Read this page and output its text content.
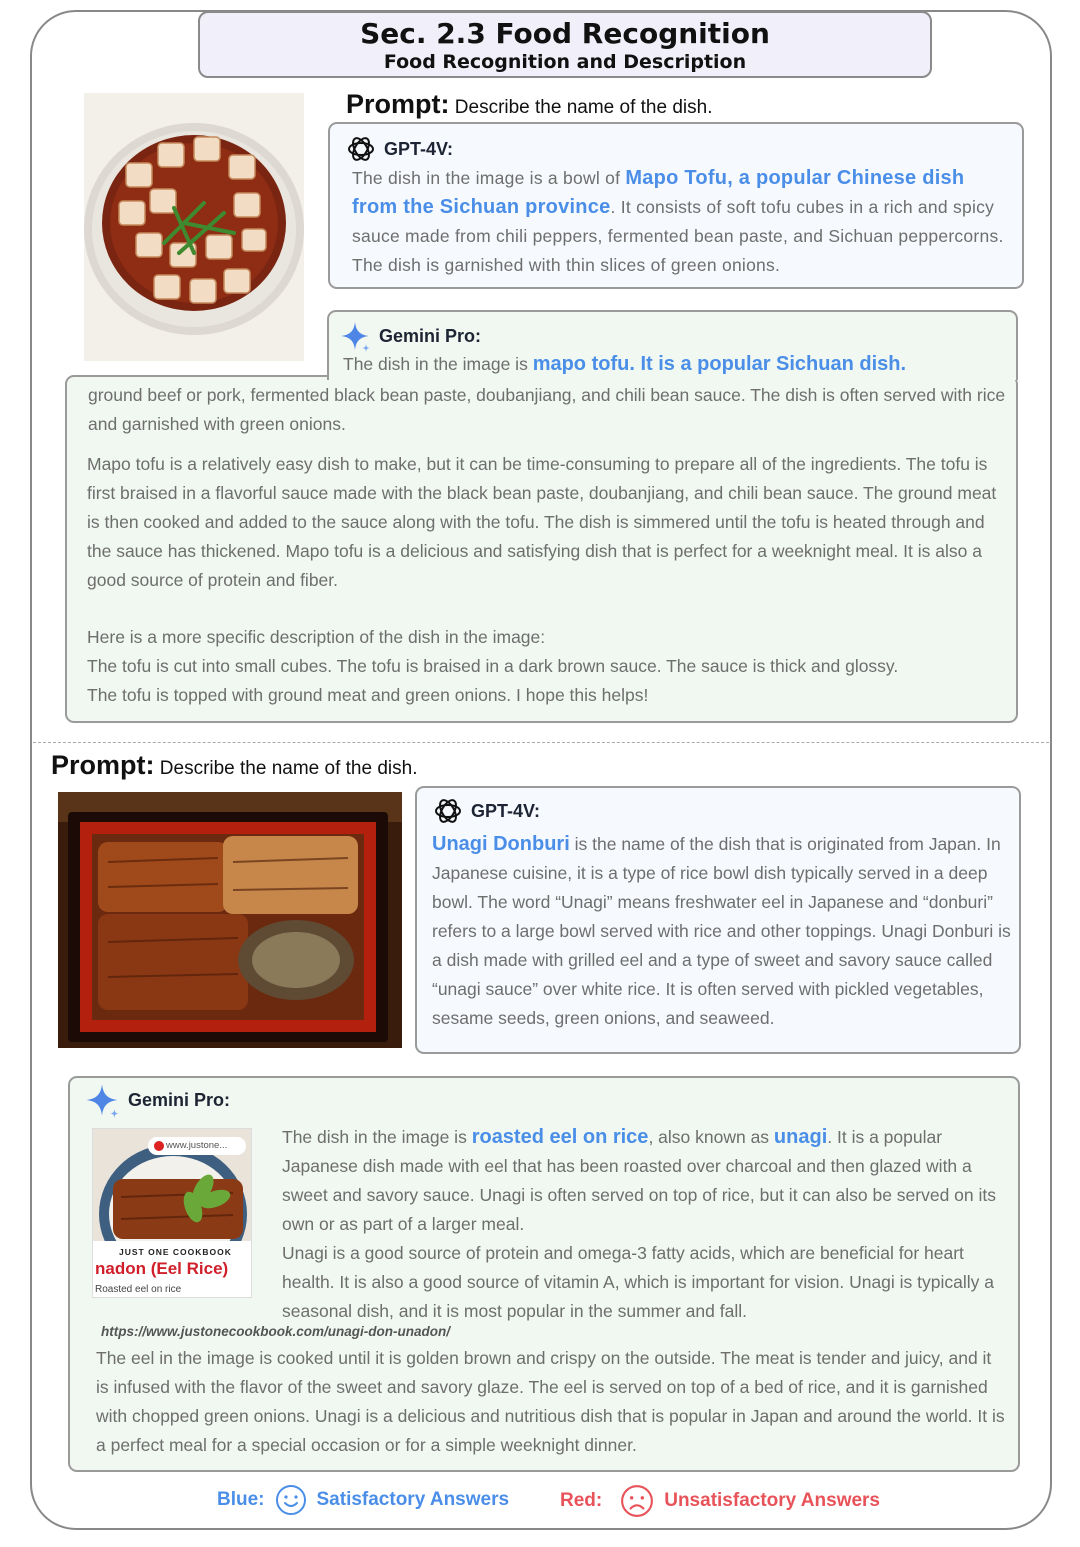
Sec. 2.3 Food Recognition
Food Recognition and Description
Prompt: Describe the name of the dish.
GPT-4V:
The dish in the image is a bowl of Mapo Tofu, a popular Chinese dish from the Sichuan province. It consists of soft tofu cubes in a rich and spicy sauce made from chili peppers, fermented bean paste, and Sichuan peppercorns. The dish is garnished with thin slices of green onions.
Gemini Pro:
The dish in the image is mapo tofu. It is a popular Sichuan dish.
ground beef or pork, fermented black bean paste, doubanjiang, and chili bean sauce. The dish is often served with rice and garnished with green onions.
Mapo tofu is a relatively easy dish to make, but it can be time-consuming to prepare all of the ingredients. The tofu is first braised in a flavorful sauce made with the black bean paste, doubanjiang, and chili bean sauce. The ground meat is then cooked and added to the sauce along with the tofu. The dish is simmered until the tofu is heated through and the sauce has thickened. Mapo tofu is a delicious and satisfying dish that is perfect for a weeknight meal. It is also a good source of protein and fiber.
Here is a more specific description of the dish in the image:
The tofu is cut into small cubes. The tofu is braised in a dark brown sauce. The sauce is thick and glossy.
The tofu is topped with ground meat and green onions. I hope this helps!
Prompt: Describe the name of the dish.
GPT-4V:
Unagi Donburi is the name of the dish that is originated from Japan. In Japanese cuisine, it is a type of rice bowl dish typically served in a deep bowl. The word “Unagi” means freshwater eel in Japanese and “donburi” refers to a large bowl served with rice and other toppings. Unagi Donburi is a dish made with grilled eel and a type of sweet and savory sauce called “unagi sauce” over white rice. It is often served with pickled vegetables, sesame seeds, green onions, and seaweed.
Gemini Pro:
www.justone...
JUST ONE COOKBOOK
nadon (Eel Rice)
Roasted eel on rice
The dish in the image is roasted eel on rice, also known as unagi. It is a popular Japanese dish made with eel that has been roasted over charcoal and then glazed with a sweet and savory sauce. Unagi is often served on top of rice, but it can also be served on its own or as part of a larger meal.
Unagi is a good source of protein and omega-3 fatty acids, which are beneficial for heart health. It is also a good source of vitamin A, which is important for vision. Unagi is typically a seasonal dish, and it is most popular in the summer and fall.
https://www.justonecookbook.com/unagi-don-unadon/
The eel in the image is cooked until it is golden brown and crispy on the outside. The meat is tender and juicy, and it is infused with the flavor of the sweet and savory glaze. The eel is served on top of a bed of rice, and it is garnished with chopped green onions. Unagi is a delicious and nutritious dish that is popular in Japan and around the world. It is a perfect meal for a special occasion or for a simple weeknight dinner.
Blue:	Satisfactory Answers	Red:	Unsatisfactory Answers
